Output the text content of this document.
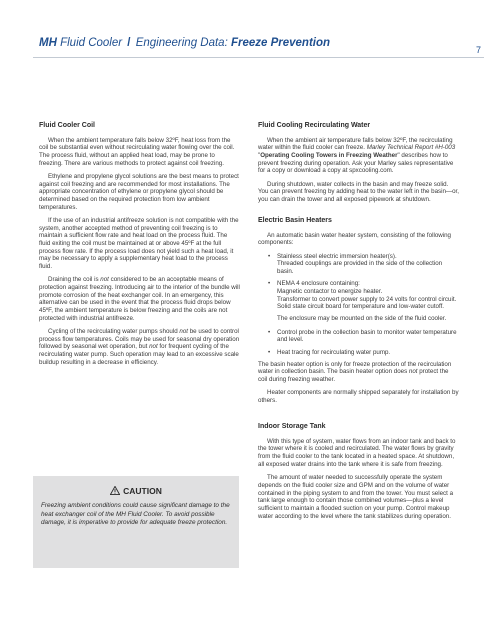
MH Fluid Cooler / Engineering Data: Freeze Prevention
7
Fluid Cooler Coil

When the ambient temperature falls below 32ºF, heat loss from the coil be substantial even without recirculating water flowing over the coil. The process fluid, without an applied heat load, may be prone to freezing. There are various methods to protect against coil freezing.

Ethylene and propylene glycol solutions are the best means to protect against coil freezing and are recommended for most installations. The appropriate concentration of ethylene or propylene glycol should be determined based on the required protection from low ambient temperatures.

If the use of an industrial antifreeze solution is not compatible with the system, another accepted method of preventing coil freezing is to maintain a sufficient flow rate and heat load on the process fluid. The fluid exiting the coil must be maintained at or above 45ºF at the full process flow rate. If the process load does not yield such a heat load, it may be necessary to apply a supplementary heat load to the process fluid.

Draining the coil is not considered to be an acceptable means of protection against freezing. Introducing air to the interior of the bundle will promote corrosion of the heat exchanger coil. In an emergency, this alternative can be used in the event that the process fluid drops below 45ºF, the ambient temperature is below freezing and the coils are not protected with industrial antifreeze.

Cycling of the recirculating water pumps should not be used to control process flow temperatures. Coils may be used for seasonal dry operation followed by seasonal wet operation, but not for frequent cycling of the recirculating water pump. Such operation may lead to an excessive scale buildup resulting in a decrease in efficiency.

CAUTION
Freezing ambient conditions could cause significant damage to the heat exchanger coil of the MH Fluid Cooler. To avoid possible damage, it is imperative to provide for adequate freeze protection.
Fluid Cooling Recirculating Water

When the ambient air temperature falls below 32ºF, the recirculating water within the fluid cooler can freeze. Marley Technical Report #H-003 "Operating Cooling Towers in Freezing Weather" describes how to prevent freezing during operation. Ask your Marley sales representative for a copy or download a copy at spxcooling.com.

During shutdown, water collects in the basin and may freeze solid. You can prevent freezing by adding heat to the water left in the basin—or, you can drain the tower and all exposed pipework at shutdown.

Electric Basin Heaters

An automatic basin water heater system, consisting of the following components:

• Stainless steel electric immersion heater(s).
Threaded couplings are provided in the side of the collection basin.
• NEMA 4 enclosure containing:
Magnetic contactor to energize heater.
Transformer to convert power supply to 24 volts for control circuit.
Solid state circuit board for temperature and low-water cutoff.

The enclosure may be mounted on the side of the fluid cooler.

• Control probe in the collection basin to monitor water temperature and level.
• Heat tracing for recirculating water pump.

The basin heater option is only for freeze protection of the recirculation water in collection basin. The basin heater option does not protect the coil during freezing weather.

Heater components are normally shipped separately for installation by others.

Indoor Storage Tank

With this type of system, water flows from an indoor tank and back to the tower where it is cooled and recirculated. The water flows by gravity from the fluid cooler to the tank located in a heated space. At shutdown, all exposed water drains into the tank where it is safe from freezing.

The amount of water needed to successfully operate the system depends on the fluid cooler size and GPM and on the volume of water contained in the piping system to and from the tower. You must select a tank large enough to contain those combined volumes—plus a level sufficient to maintain a flooded suction on your pump. Control makeup water according to the level where the tank stabilizes during operation.
